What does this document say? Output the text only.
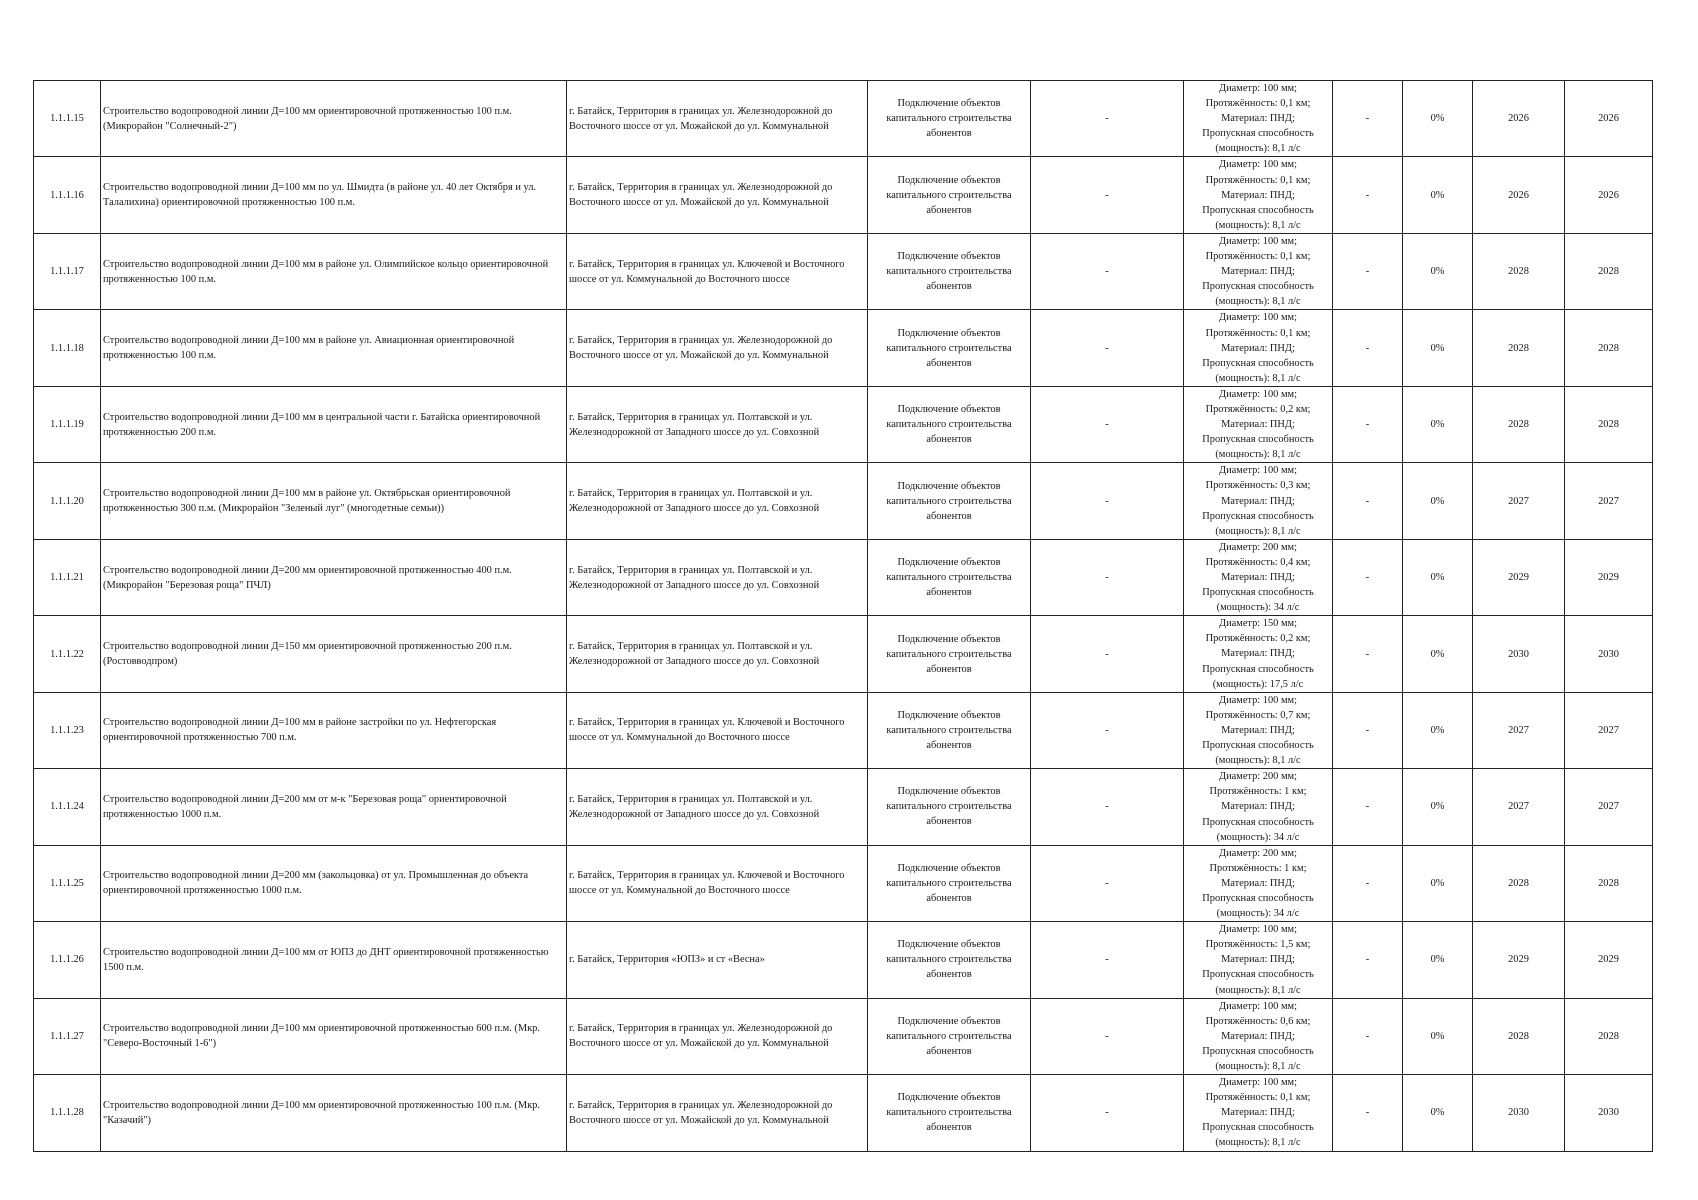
1.1.1.15	Строительство водопроводной линии Д=100 мм ориентировочной протяженностью 100 п.м. (Микрорайон "Солнечный-2")	г. Батайск, Территория в границах ул. Железнодорожной до Восточного шоссе от ул. Можайской до ул. Коммунальной	Подключение объектов капитального строительства абонентов	-	Диаметр: 100 мм;
Протяжённость: 0,1 км;
Материал: ПНД;
Пропускная способность
(мощность): 8,1 л/с	-	0%	2026	2026
1.1.1.16	Строительство водопроводной линии Д=100 мм по ул. Шмидта (в районе ул. 40 лет Октября и ул. Талалихина) ориентировочной протяженностью 100 п.м.	г. Батайск, Территория в границах ул. Железнодорожной до Восточного шоссе от ул. Можайской до ул. Коммунальной	Подключение объектов капитального строительства абонентов	-	Диаметр: 100 мм;
Протяжённость: 0,1 км;
Материал: ПНД;
Пропускная способность
(мощность): 8,1 л/с	-	0%	2026	2026
1.1.1.17	Строительство водопроводной линии Д=100 мм в районе ул. Олимпийское кольцо ориентировочной протяженностью 100 п.м.	г. Батайск, Территория в границах ул. Ключевой и Восточного шоссе от ул. Коммунальной до Восточного шоссе	Подключение объектов капитального строительства абонентов	-	Диаметр: 100 мм;
Протяжённость: 0,1 км;
Материал: ПНД;
Пропускная способность
(мощность): 8,1 л/с	-	0%	2028	2028
1.1.1.18	Строительство водопроводной линии Д=100 мм в районе ул. Авиационная ориентировочной протяженностью 100 п.м.	г. Батайск, Территория в границах ул. Железнодорожной до Восточного шоссе от ул. Можайской до ул. Коммунальной	Подключение объектов капитального строительства абонентов	-	Диаметр: 100 мм;
Протяжённость: 0,1 км;
Материал: ПНД;
Пропускная способность
(мощность): 8,1 л/с	-	0%	2028	2028
1.1.1.19	Строительство водопроводной линии Д=100 мм в центральной части г. Батайска ориентировочной протяженностью 200 п.м.	г. Батайск, Территория в границах ул. Полтавской и ул. Железнодорожной от Западного шоссе до ул. Совхозной	Подключение объектов капитального строительства абонентов	-	Диаметр: 100 мм;
Протяжённость: 0,2 км;
Материал: ПНД;
Пропускная способность
(мощность): 8,1 л/с	-	0%	2028	2028
1.1.1.20	Строительство водопроводной линии Д=100 мм в районе ул. Октябрьская ориентировочной протяженностью 300 п.м. (Микрорайон "Зеленый луг" (многодетные семьи))	г. Батайск, Территория в границах ул. Полтавской и ул. Железнодорожной от Западного шоссе до ул. Совхозной	Подключение объектов капитального строительства абонентов	-	Диаметр: 100 мм;
Протяжённость: 0,3 км;
Материал: ПНД;
Пропускная способность
(мощность): 8,1 л/с	-	0%	2027	2027
1.1.1.21	Строительство водопроводной линии Д=200 мм ориентировочной протяженностью 400 п.м. (Микрорайон "Березовая роща" ПЧЛ)	г. Батайск, Территория в границах ул. Полтавской и ул. Железнодорожной от Западного шоссе до ул. Совхозной	Подключение объектов капитального строительства абонентов	-	Диаметр: 200 мм;
Протяжённость: 0,4 км;
Материал: ПНД;
Пропускная способность
(мощность): 34 л/с	-	0%	2029	2029
1.1.1.22	Строительство водопроводной линии Д=150 мм ориентировочной протяженностью 200 п.м. (Ростовводпром)	г. Батайск, Территория в границах ул. Полтавской и ул. Железнодорожной от Западного шоссе до ул. Совхозной	Подключение объектов капитального строительства абонентов	-	Диаметр: 150 мм;
Протяжённость: 0,2 км;
Материал: ПНД;
Пропускная способность
(мощность): 17,5 л/с	-	0%	2030	2030
1.1.1.23	Строительство водопроводной линии Д=100 мм в районе застройки по ул. Нефтегорская ориентировочной протяженностью 700 п.м.	г. Батайск, Территория в границах ул. Ключевой и Восточного шоссе от ул. Коммунальной до Восточного шоссе	Подключение объектов капитального строительства абонентов	-	Диаметр: 100 мм;
Протяжённость: 0,7 км;
Материал: ПНД;
Пропускная способность
(мощность): 8,1 л/с	-	0%	2027	2027
1.1.1.24	Строительство водопроводной линии Д=200 мм от м-к "Березовая роща" ориентировочной протяженностью 1000 п.м.	г. Батайск, Территория в границах ул. Полтавской и ул. Железнодорожной от Западного шоссе до ул. Совхозной	Подключение объектов капитального строительства абонентов	-	Диаметр: 200 мм;
Протяжённость: 1 км;
Материал: ПНД;
Пропускная способность
(мощность): 34 л/с	-	0%	2027	2027
1.1.1.25	Строительство водопроводной линии Д=200 мм (закольцовка) от ул. Промышленная до объекта ориентировочной протяженностью 1000 п.м.	г. Батайск, Территория в границах ул. Ключевой и Восточного шоссе от ул. Коммунальной до Восточного шоссе	Подключение объектов капитального строительства абонентов	-	Диаметр: 200 мм;
Протяжённость: 1 км;
Материал: ПНД;
Пропускная способность
(мощность): 34 л/с	-	0%	2028	2028
1.1.1.26	Строительство водопроводной линии Д=100 мм от ЮПЗ до ДНТ ориентировочной протяженностью 1500 п.м.	г. Батайск, Территория «ЮПЗ» и ст «Весна»	Подключение объектов капитального строительства абонентов	-	Диаметр: 100 мм;
Протяжённость: 1,5 км;
Материал: ПНД;
Пропускная способность
(мощность): 8,1 л/с	-	0%	2029	2029
1.1.1.27	Строительство водопроводной линии Д=100 мм ориентировочной протяженностью 600 п.м. (Мкр. "Северо-Восточный 1-6")	г. Батайск, Территория в границах ул. Железнодорожной до Восточного шоссе от ул. Можайской до ул. Коммунальной	Подключение объектов капитального строительства абонентов	-	Диаметр: 100 мм;
Протяжённость: 0,6 км;
Материал: ПНД;
Пропускная способность
(мощность): 8,1 л/с	-	0%	2028	2028
1.1.1.28	Строительство водопроводной линии Д=100 мм ориентировочной протяженностью 100 п.м. (Мкр. "Казачий")	г. Батайск, Территория в границах ул. Железнодорожной до Восточного шоссе от ул. Можайской до ул. Коммунальной	Подключение объектов капитального строительства абонентов	-	Диаметр: 100 мм;
Протяжённость: 0,1 км;
Материал: ПНД;
Пропускная способность
(мощность): 8,1 л/с	-	0%	2030	2030
